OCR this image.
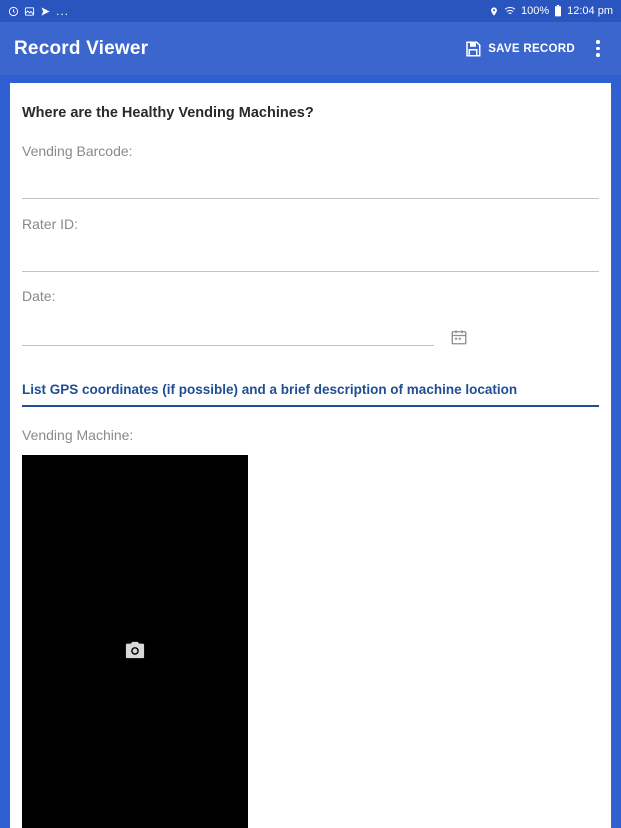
...	100% 12:04 pm
Record Viewer	SAVE RECORD
Where are the Healthy Vending Machines?
Vending Barcode:
Rater ID:
Date:
List GPS coordinates (if possible) and a brief description of machine location
Vending Machine:
